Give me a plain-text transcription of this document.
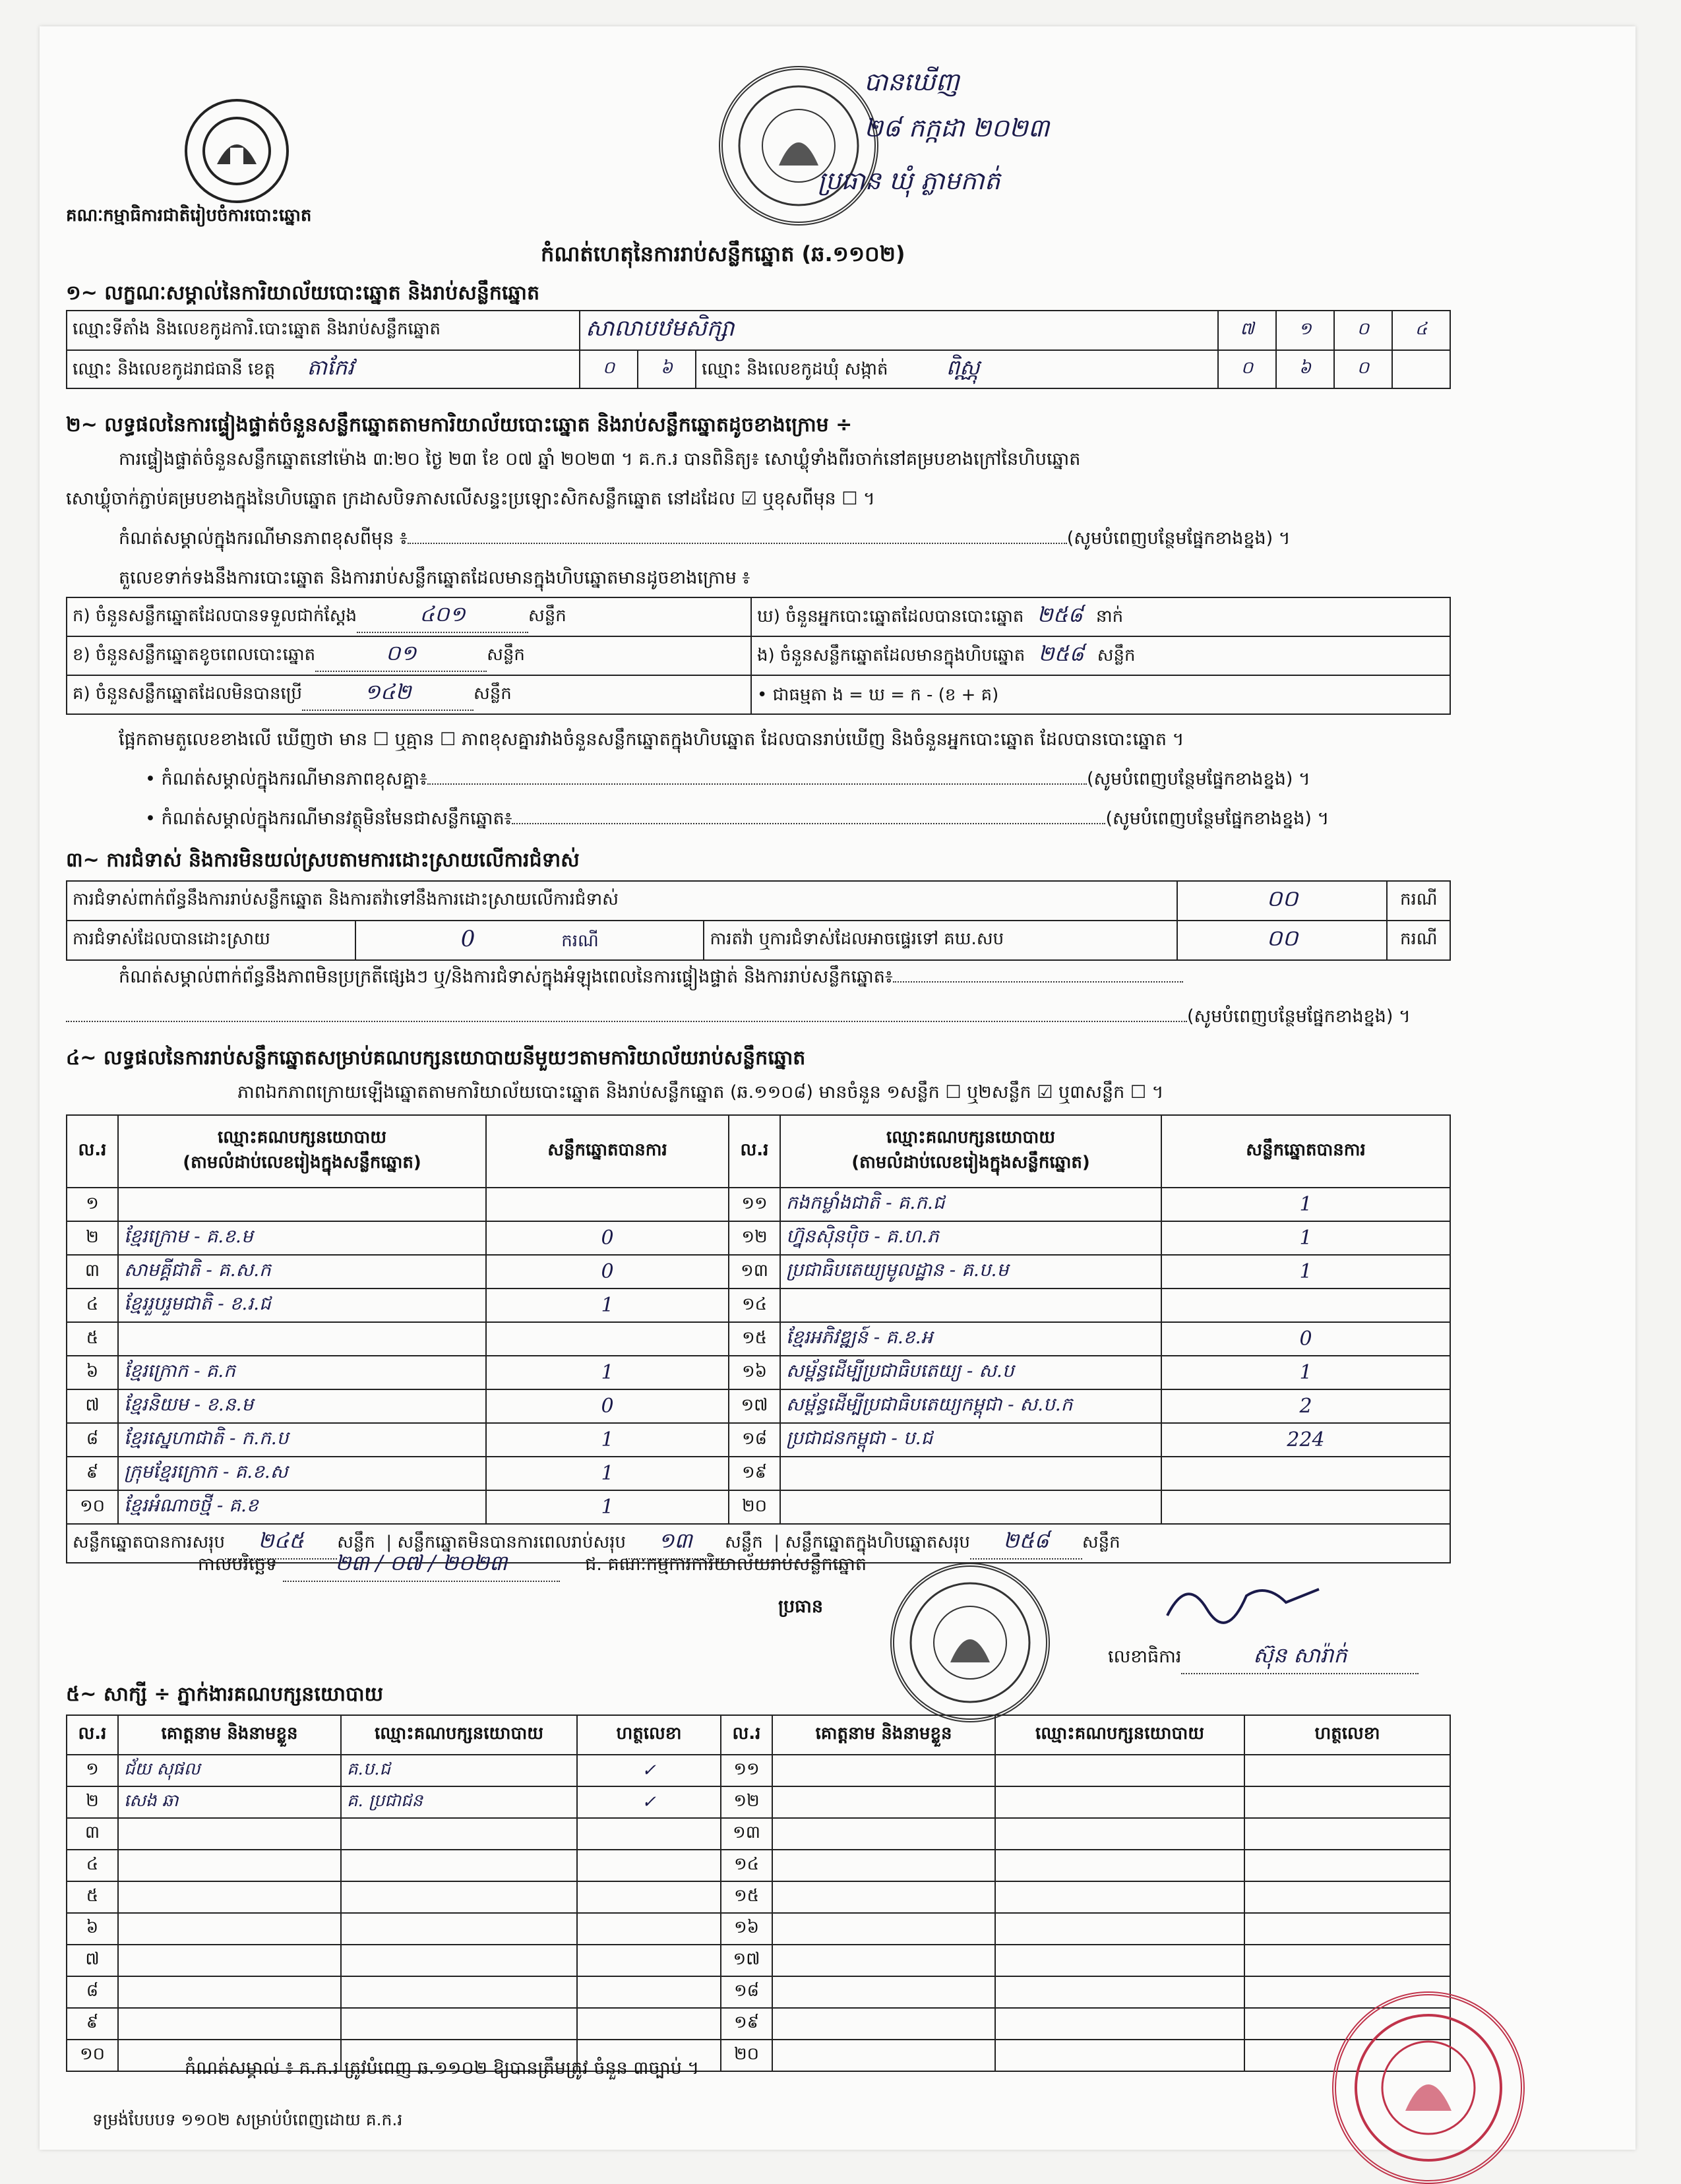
គណៈកម្មាធិការជាតិរៀបចំការបោះឆ្នោត
បានឃើញ
២៨ កក្កដា ២០២៣
ប្រធាន ឃុំ ភ្លាមកាត់
កំណត់ហេតុនៃការរាប់សន្លឹកឆ្នោត (ឆ.១១០២)
១~ លក្ខណៈសម្គាល់នៃការិយាល័យបោះឆ្នោត និងរាប់សន្លឹកឆ្នោត
ឈ្មោះទីតាំង និងលេខកូដការិ.បោះឆ្នោត និងរាប់សន្លឹកឆ្នោត	សាលាបឋមសិក្សា			៧	១	០	៤
ឈ្មោះ និងលេខកូដរាជធានី ខេត្ត តាកែវ	០	៦	ឈ្មោះ និងលេខកូដឃុំ សង្កាត់ ពិស្ណុ	០	៦	០	
២~ លទ្ធផលនៃការផ្ទៀងផ្ទាត់ចំនួនសន្លឹកឆ្នោតតាមការិយាល័យបោះឆ្នោត និងរាប់សន្លឹកឆ្នោតដូចខាងក្រោម ÷
ការផ្ទៀងផ្ទាត់ចំនួនសន្លឹកឆ្នោតនៅម៉ោង ៣:២០ ថ្ងៃ ២៣ ខែ ០៧ ឆ្នាំ ២០២៣ ។ គ.ក.រ បានពិនិត្យ៖ សោឃ្លុំទាំងពីរចាក់នៅគម្របខាងក្រៅនៃហិបឆ្នោត
សោឃ្លុំចាក់ភ្ជាប់គម្របខាងក្នុងនៃហិបឆ្នោត ក្រដាសបិទភាសលើសន្ទះប្រឡោះសិកសន្លឹកឆ្នោត នៅដដែល ☑ ឬខុសពីមុន ☐ ។
កំណត់សម្គាល់ក្នុងករណីមានភាពខុសពីមុន ៖	(សូមបំពេញបន្ថែមផ្នែកខាងខ្នង) ។
តួលេខទាក់ទងនឹងការបោះឆ្នោត និងការរាប់សន្លឹកឆ្នោតដែលមានក្នុងហិបឆ្នោតមានដូចខាងក្រោម ៖
ក) ចំនួនសន្លឹកឆ្នោតដែលបានទទួលជាក់ស្តែង ៤០១ សន្លឹក	ឃ) ចំនួនអ្នកបោះឆ្នោតដែលបានបោះឆ្នោត ២៥៨ នាក់
ខ) ចំនួនសន្លឹកឆ្នោតខូចពេលបោះឆ្នោត ០១ សន្លឹក	ង) ចំនួនសន្លឹកឆ្នោតដែលមានក្នុងហិបឆ្នោត ២៥៨ សន្លឹក
គ) ចំនួនសន្លឹកឆ្នោតដែលមិនបានប្រើ ១៤២ សន្លឹក	• ជាធម្មតា ង = ឃ = ក - (ខ + គ)
ផ្អែកតាមតួលេខខាងលើ ឃើញថា មាន ☐ ឬគ្មាន ☐ ភាពខុសគ្នារវាងចំនួនសន្លឹកឆ្នោតក្នុងហិបឆ្នោត ដែលបានរាប់ឃើញ និងចំនួនអ្នកបោះឆ្នោត ដែលបានបោះឆ្នោត ។
• កំណត់សម្គាល់ក្នុងករណីមានភាពខុសគ្នា៖	(សូមបំពេញបន្ថែមផ្នែកខាងខ្នង) ។
• កំណត់សម្គាល់ក្នុងករណីមានវត្ថុមិនមែនជាសន្លឹកឆ្នោត៖	(សូមបំពេញបន្ថែមផ្នែកខាងខ្នង) ។
៣~ ការជំទាស់ និងការមិនយល់ស្របតាមការដោះស្រាយលើការជំទាស់
ការជំទាស់ពាក់ព័ន្ធនឹងការរាប់សន្លឹកឆ្នោត និងការតវ៉ាទៅនឹងការដោះស្រាយលើការជំទាស់			០០	ករណី
ការជំទាស់ដែលបានដោះស្រាយ	0 ករណី	ការតវ៉ា ឬការជំទាស់ដែលអាចផ្ទេរទៅ គឃ.សប	០០	ករណី
កំណត់សម្គាល់ពាក់ព័ន្ធនឹងភាពមិនប្រក្រតីផ្សេងៗ ឬ/និងការជំទាស់ក្នុងអំឡុងពេលនៃការផ្ទៀងផ្ទាត់ និងការរាប់សន្លឹកឆ្នោត៖
(សូមបំពេញបន្ថែមផ្នែកខាងខ្នង) ។
៤~ លទ្ធផលនៃការរាប់សន្លឹកឆ្នោតសម្រាប់គណបក្សនយោបាយនីមួយៗតាមការិយាល័យរាប់សន្លឹកឆ្នោត
ភាពឯកភាពក្រោយឡើងឆ្នោតតាមការិយាល័យបោះឆ្នោត និងរាប់សន្លឹកឆ្នោត (ឆ.១១០៨) មានចំនួន ១សន្លឹក ☐ ឬ២សន្លឹក ☑ ឬ៣សន្លឹក ☐ ។
ល.រ	ឈ្មោះគណបក្សនយោបាយ
(តាមលំដាប់លេខរៀងក្នុងសន្លឹកឆ្នោត)	សន្លឹកឆ្នោតបានការ	ល.រ	ឈ្មោះគណបក្សនយោបាយ
(តាមលំដាប់លេខរៀងក្នុងសន្លឹកឆ្នោត)	សន្លឹកឆ្នោតបានការ
១			១១	កងកម្លាំងជាតិ - គ.ក.ជ	1
២	ខ្មែរក្រោម - គ.ខ.ម	0	១២	ហ្វ៊ុនស៊ិនប៉ិច - គ.ហ.ភ	1
៣	សាមគ្គីជាតិ - គ.ស.ក	0	១៣	ប្រជាធិបតេយ្យមូលដ្ឋាន - គ.ប.ម	1
៤	ខ្មែររួបរួមជាតិ - ខ.រ.ជ	1	១៤		
៥			១៥	ខ្មែរអភិវឌ្ឍន៍ - គ.ខ.អ	0
៦	ខ្មែរក្រោក - គ.ក	1	១៦	សម្ព័ន្ធដើម្បីប្រជាធិបតេយ្យ - ស.ប	1
៧	ខ្មែរនិយម - ខ.ន.ម	0	១៧	សម្ព័ន្ធដើម្បីប្រជាធិបតេយ្យកម្ពុជា - ស.ប.ក	2
៨	ខ្មែរស្នេហាជាតិ - ក.ក.ប	1	១៨	ប្រជាជនកម្ពុជា - ប.ជ	224
៩	ក្រុមខ្មែរក្រោក - គ.ខ.ស	1	១៩		
១០	ខ្មែរអំណាចថ្មី - គ.ខ	1	២០		
សន្លឹកឆ្នោតបានការសរុប ២៤៥ សន្លឹក  | សន្លឹកឆ្នោតមិនបានការពេលរាប់សរុប ១៣ សន្លឹក  | សន្លឹកឆ្នោតក្នុងហិបឆ្នោតសរុប ២៥៨ សន្លឹក					
កាលបរិច្ឆេទ	២៣ / ០៧ / ២០២៣	ជ. គណៈកម្មការការិយាល័យរាប់សន្លឹកឆ្នោត
ប្រធាន
លេខាធិការ	ស៊ុន សារ៉ាក់
៥~ សាក្សី ÷ ភ្នាក់ងារគណបក្សនយោបាយ
ល.រ	គោត្តនាម និងនាមខ្លួន	ឈ្មោះគណបក្សនយោបាយ	ហត្ថលេខា	ល.រ	គោត្តនាម និងនាមខ្លួន	ឈ្មោះគណបក្សនយោបាយ	ហត្ថលេខា
១	ជ័យ សុផល	គ.ប.ជ	✓	១១			
២	សេង ឆា	គ. ប្រជាជន	✓	១២			
៣				១៣			
៤				១៤			
៥				១៥			
៦				១៦			
៧				១៧			
៨				១៨			
៩				១៩			
១០				២០			
កំណត់សម្គាល់ ៖ គ.ក.រ ត្រូវបំពេញ ឆ.១១០២ ឱ្យបានត្រឹមត្រូវ ចំនួន ៣ច្បាប់ ។
ទម្រង់បែបបទ ១១០២ សម្រាប់បំពេញដោយ គ.ក.រ
